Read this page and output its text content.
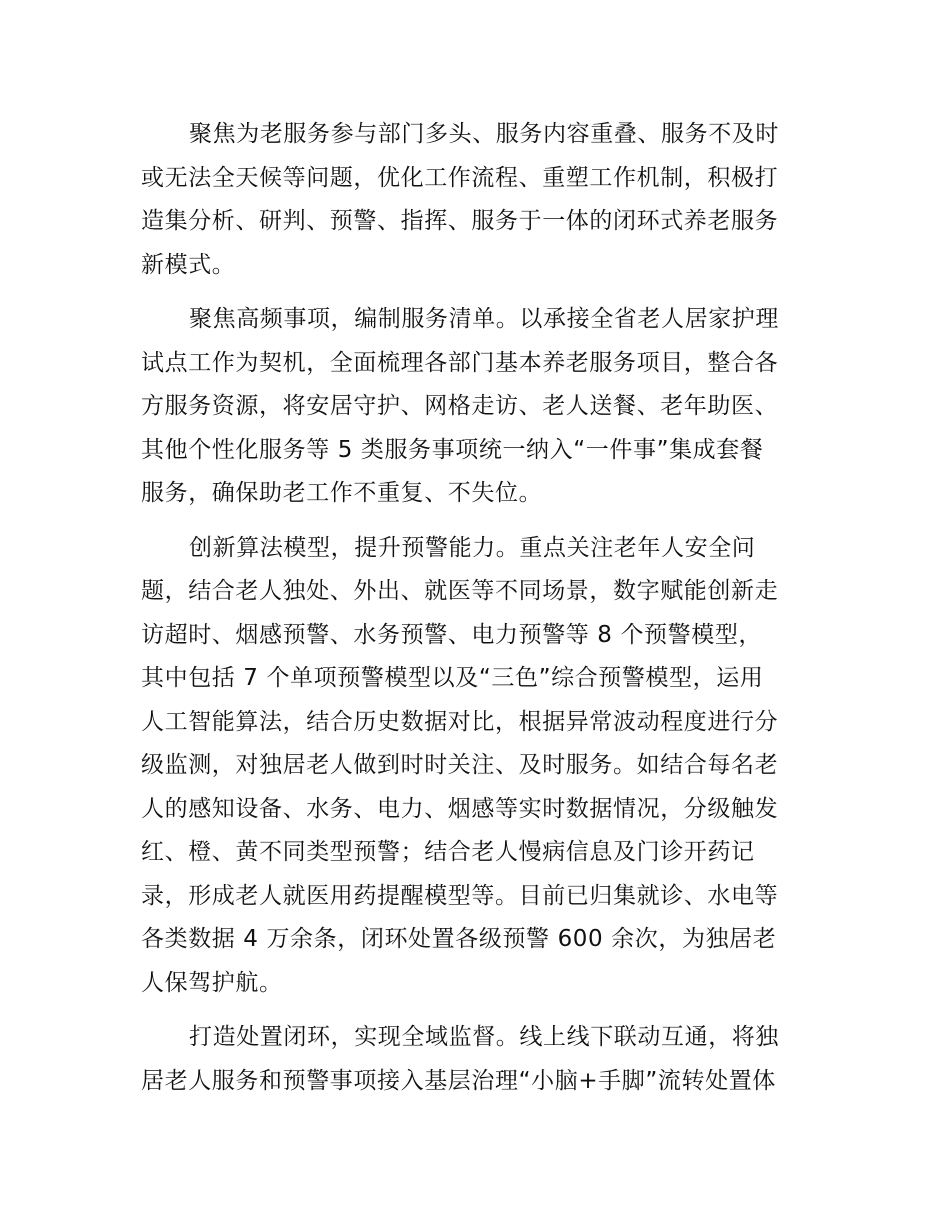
聚焦为老服务参与部门多头、服务内容重叠、服务不及时
或无法全天候等问题，优化工作流程、重塑工作机制，积极打
造集分析、研判、预警、指挥、服务于一体的闭环式养老服务
新模式。

聚焦高频事项，编制服务清单。以承接全省老人居家护理
试点工作为契机，全面梳理各部门基本养老服务项目，整合各
方服务资源，将安居守护、网格走访、老人送餐、老年助医、
其他个性化服务等 5 类服务事项统一纳入“一件事”集成套餐
服务，确保助老工作不重复、不失位。

创新算法模型，提升预警能力。重点关注老年人安全问
题，结合老人独处、外出、就医等不同场景，数字赋能创新走
访超时、烟感预警、水务预警、电力预警等 8 个预警模型，
其中包括 7 个单项预警模型以及“三色”综合预警模型，运用
人工智能算法，结合历史数据对比，根据异常波动程度进行分
级监测，对独居老人做到时时关注、及时服务。如结合每名老
人的感知设备、水务、电力、烟感等实时数据情况，分级触发
红、橙、黄不同类型预警；结合老人慢病信息及门诊开药记
录，形成老人就医用药提醒模型等。目前已归集就诊、水电等
各类数据 4 万余条，闭环处置各级预警 600 余次，为独居老
人保驾护航。

打造处置闭环，实现全域监督。线上线下联动互通，将独
居老人服务和预警事项接入基层治理“小脑+手脚”流转处置体
